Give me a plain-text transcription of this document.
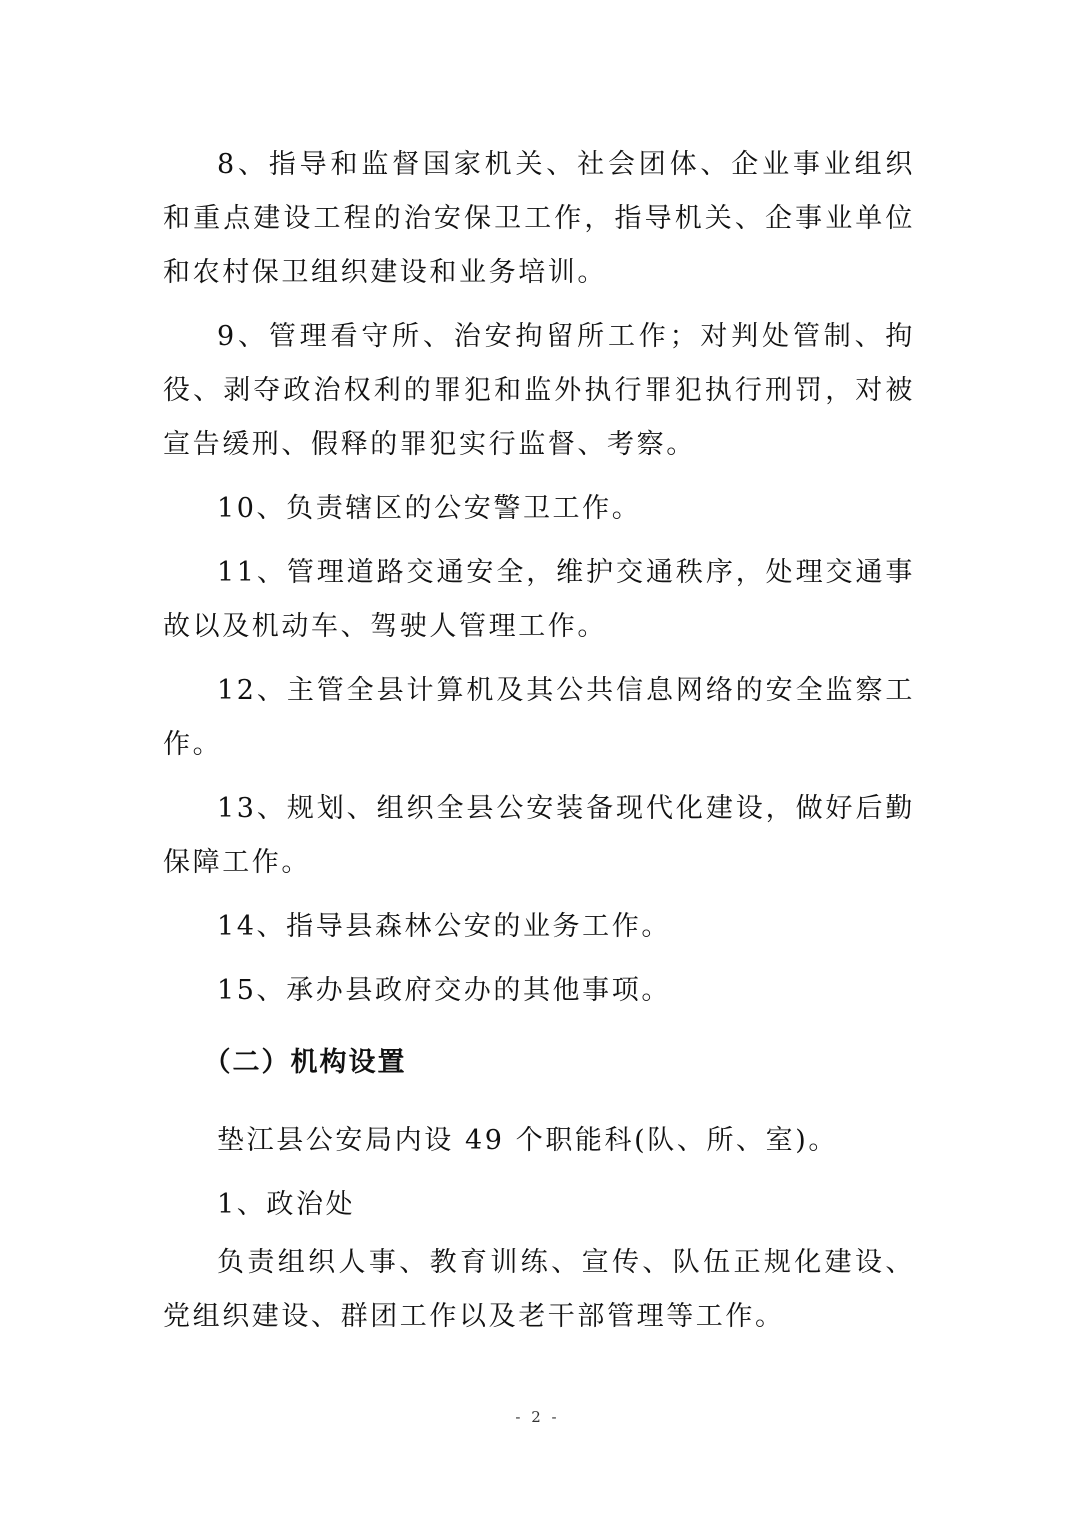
8、指导和监督国家机关、社会团体、企业事业组织和重点建设工程的治安保卫工作，指导机关、企事业单位和农村保卫组织建设和业务培训。

9、管理看守所、治安拘留所工作；对判处管制、拘役、剥夺政治权利的罪犯和监外执行罪犯执行刑罚，对被宣告缓刑、假释的罪犯实行监督、考察。

10、负责辖区的公安警卫工作。

11、管理道路交通安全，维护交通秩序，处理交通事故以及机动车、驾驶人管理工作。

12、主管全县计算机及其公共信息网络的安全监察工作。

13、规划、组织全县公安装备现代化建设，做好后勤保障工作。

14、指导县森林公安的业务工作。

15、承办县政府交办的其他事项。

（二）机构设置

垫江县公安局内设 49 个职能科(队、所、室)。

1、政治处

负责组织人事、教育训练、宣传、队伍正规化建设、党组织建设、群团工作以及老干部管理等工作。

- 2 -
